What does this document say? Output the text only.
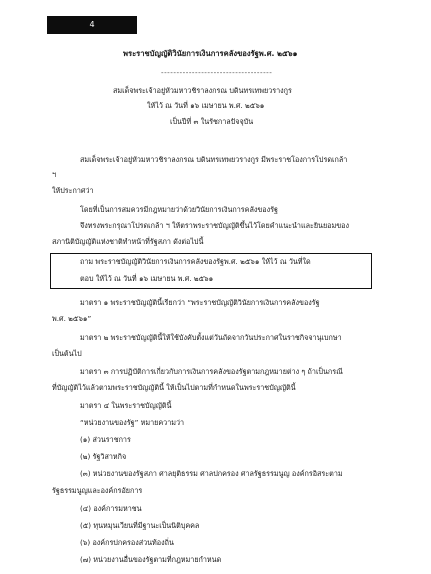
4
พระราชบัญญัติวินัยการเงินการคลังของรัฐพ.ศ. ๒๕๖๑
------------------------------------
สมเด็จพระเจ้าอยู่หัวมหาวชิราลงกรณ บดินทรเทพยวรางกูร
ให้ไว้ ณ วันที่ ๑๖ เมษายน พ.ศ. ๒๕๖๑
เป็นปีที่ ๓ ในรัชกาลปัจจุบัน
สมเด็จพระเจ้าอยู่หัวมหาวชิราลงกรณ บดินทรเทพยวรางกูร มีพระราชโองการโปรดเกล้า
ฯ
ให้ประกาศว่า
โดยที่เป็นการสมควรมีกฎหมายว่าด้วยวินัยการเงินการคลังของรัฐ
จึงทรงพระกรุณาโปรดเกล้า ฯ ให้ตราพระราชบัญญัติขึ้นไว้โดยคำแนะนำและยินยอมของ
สภานิติบัญญัติแห่งชาติทำหน้าที่รัฐสภา ดังต่อไปนี้
ถาม พระราชบัญญัติวินัยการเงินการคลังของรัฐพ.ศ. ๒๕๖๑ ให้ไว้ ณ วันที่ใด
ตอบ ให้ไว้ ณ วันที่ ๑๖ เมษายน พ.ศ. ๒๕๖๑
มาตรา ๑ พระราชบัญญัตินี้เรียกว่า “พระราชบัญญัติวินัยการเงินการคลังของรัฐ
พ.ศ. ๒๕๖๑”
มาตรา ๒ พระราชบัญญัตินี้ให้ใช้บังคับตั้งแต่วันถัดจากวันประกาศในราชกิจจานุเบกษา
เป็นต้นไป
มาตรา ๓ การปฏิบัติการเกี่ยวกับการเงินการคลังของรัฐตามกฎหมายต่าง ๆ ถ้าเป็นกรณี
ที่บัญญัติไว้แล้วตามพระราชบัญญัตินี้ ให้เป็นไปตามที่กำหนดในพระราชบัญญัตินี้
มาตรา ๔ ในพระราชบัญญัตินี้
“หน่วยงานของรัฐ” หมายความว่า
(๑) ส่วนราชการ
(๒) รัฐวิสาหกิจ
(๓) หน่วยงานของรัฐสภา ศาลยุติธรรม ศาลปกครอง ศาลรัฐธรรมนูญ องค์กรอิสระตาม
รัฐธรรมนูญและองค์กรอัยการ
(๔) องค์การมหาชน
(๕) ทุนหมุนเวียนที่มีฐานะเป็นนิติบุคคล
(๖) องค์กรปกครองส่วนท้องถิ่น
(๗) หน่วยงานอื่นของรัฐตามที่กฎหมายกำหนด
